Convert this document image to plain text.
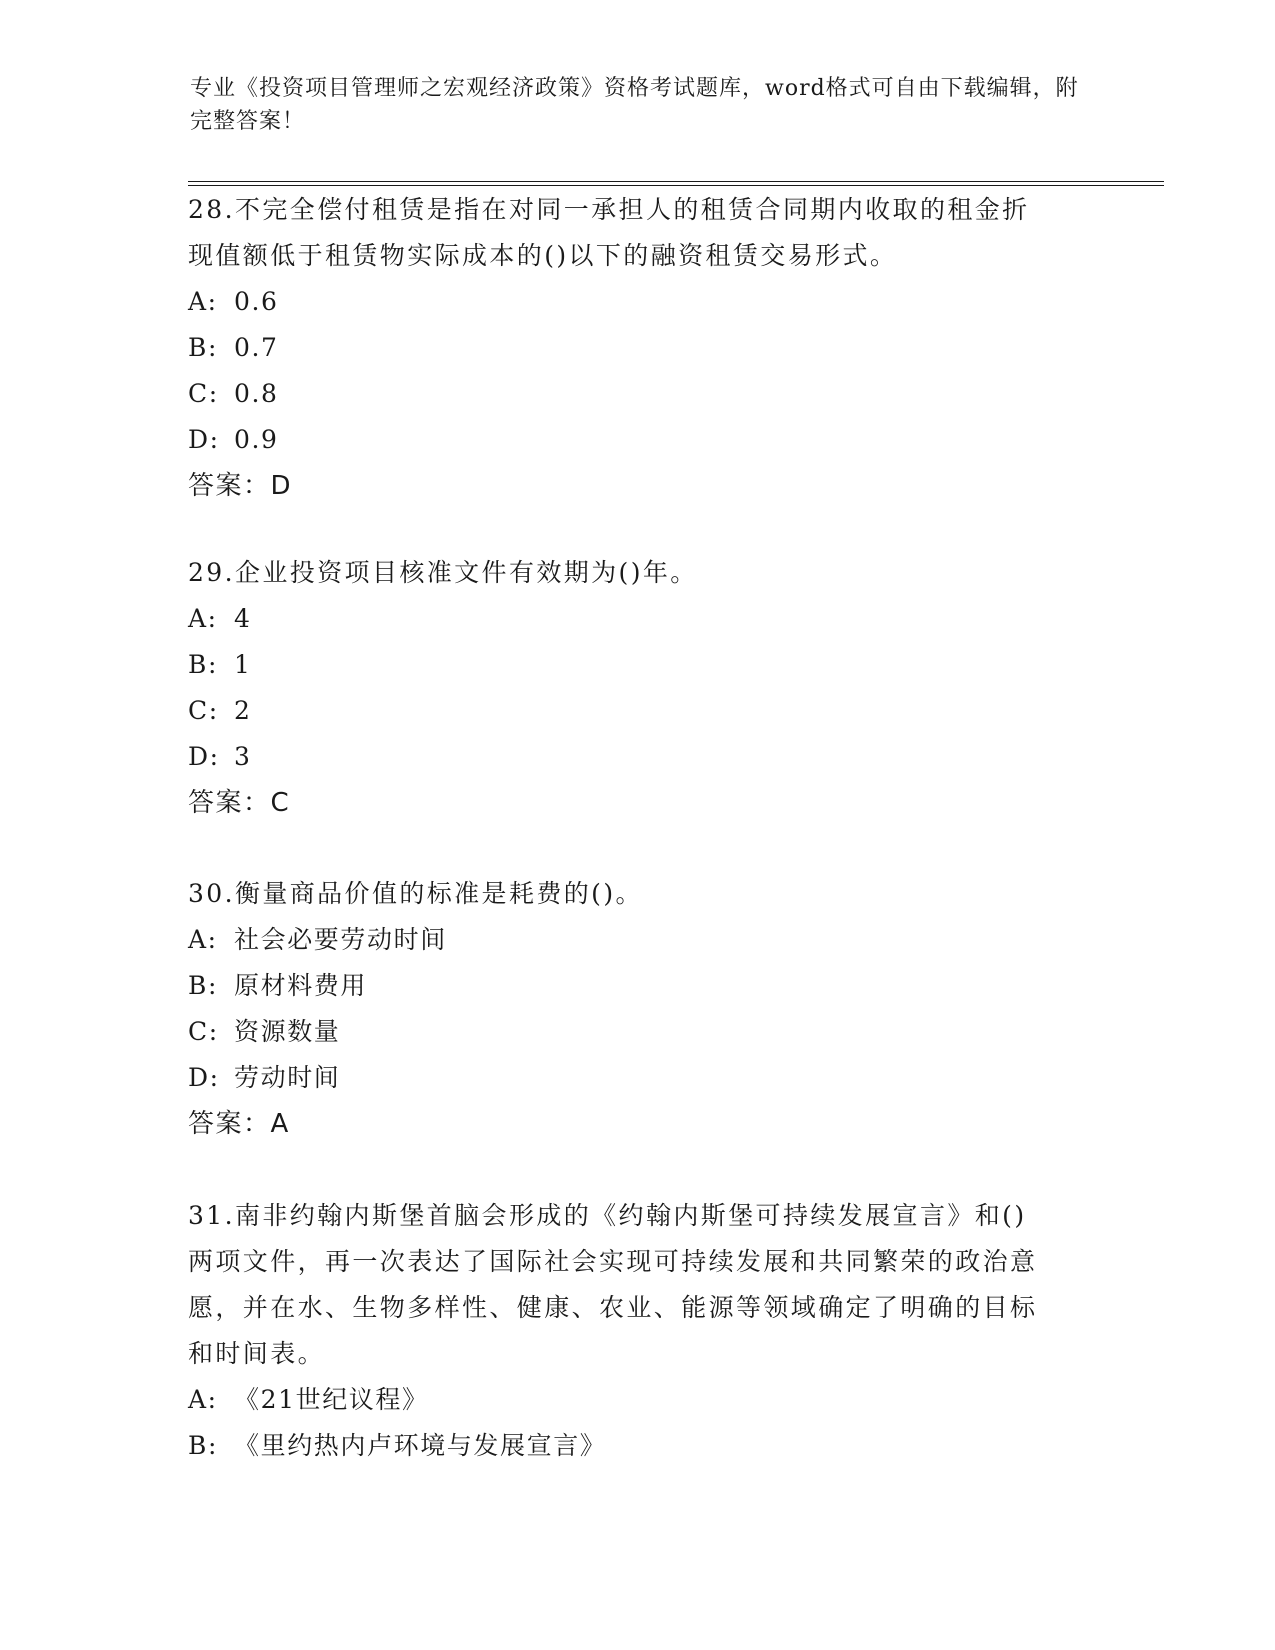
专业《投资项目管理师之宏观经济政策》资格考试题库，word格式可自由下载编辑，附完整答案！

28.不完全偿付租赁是指在对同一承担人的租赁合同期内收取的租金折现值额低于租赁物实际成本的()以下的融资租赁交易形式。

A: 0.6
B: 0.7
C: 0.8
D: 0.9
答案：D

29.企业投资项目核准文件有效期为()年。

A: 4
B: 1
C: 2
D: 3
答案：C

30.衡量商品价值的标准是耗费的()。

A: 社会必要劳动时间
B: 原材料费用
C: 资源数量
D: 劳动时间
答案：A

31.南非约翰内斯堡首脑会形成的《约翰内斯堡可持续发展宣言》和()两项文件，再一次表达了国际社会实现可持续发展和共同繁荣的政治意愿，并在水、生物多样性、健康、农业、能源等领域确定了明确的目标和时间表。

A: 《21世纪议程》
B: 《里约热内卢环境与发展宣言》
